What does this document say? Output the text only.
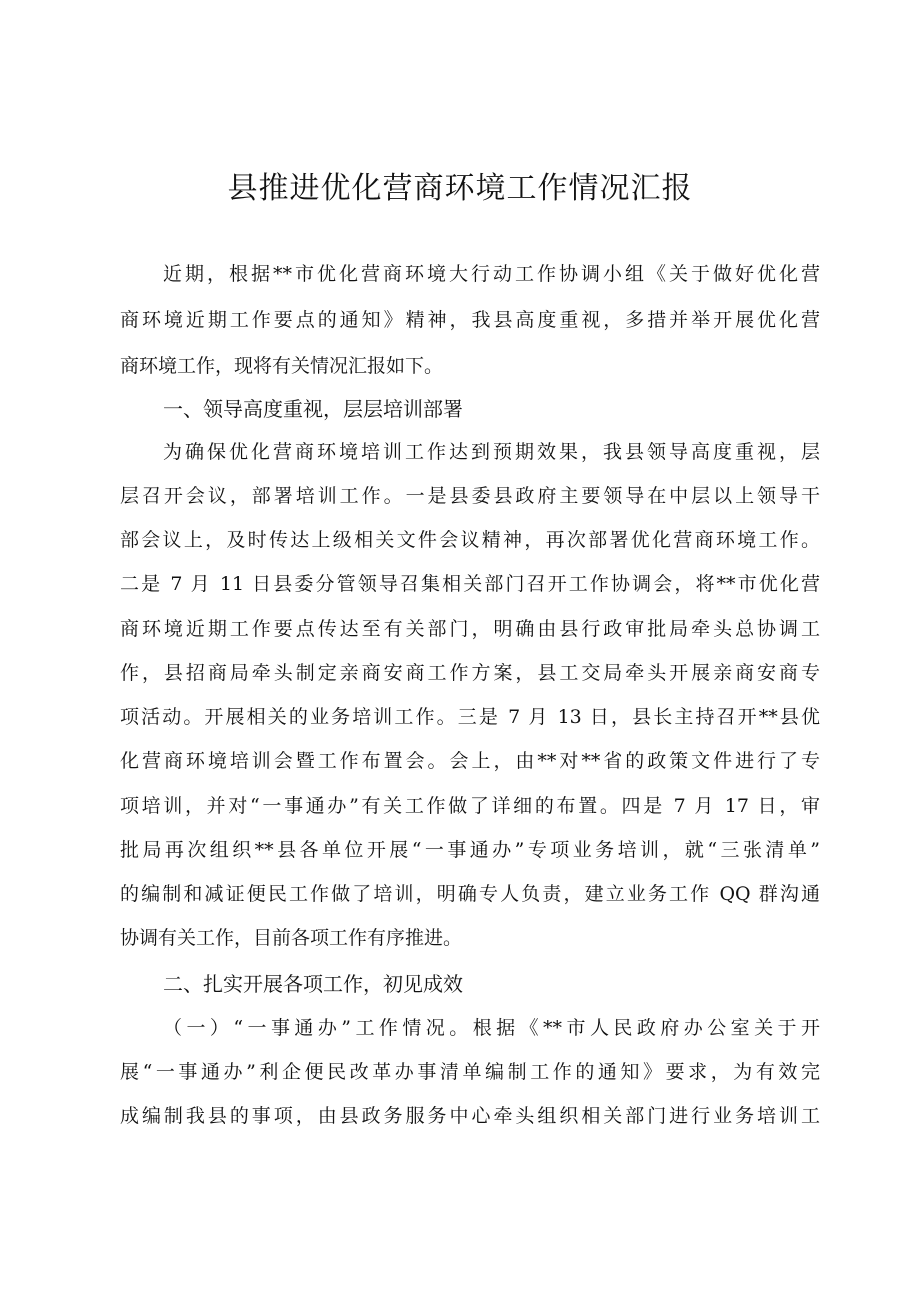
县推进优化营商环境工作情况汇报
近期，根据**市优化营商环境大行动工作协调小组《关于做好优化营
商环境近期工作要点的通知》精神，我县高度重视，多措并举开展优化营
商环境工作，现将有关情况汇报如下。
一、领导高度重视，层层培训部署
为确保优化营商环境培训工作达到预期效果，我县领导高度重视，层
层召开会议，部署培训工作。一是县委县政府主要领导在中层以上领导干
部会议上，及时传达上级相关文件会议精神，再次部署优化营商环境工作。
二是 7 月 11 日县委分管领导召集相关部门召开工作协调会，将**市优化营
商环境近期工作要点传达至有关部门，明确由县行政审批局牵头总协调工
作，县招商局牵头制定亲商安商工作方案，县工交局牵头开展亲商安商专
项活动。开展相关的业务培训工作。三是 7 月 13 日，县长主持召开**县优
化营商环境培训会暨工作布置会。会上，由**对**省的政策文件进行了专
项培训，并对“一事通办”有关工作做了详细的布置。四是 7 月 17 日，审
批局再次组织**县各单位开展“一事通办”专项业务培训，就“三张清单”
的编制和减证便民工作做了培训，明确专人负责，建立业务工作 QQ 群沟通
协调有关工作，目前各项工作有序推进。
二、扎实开展各项工作，初见成效
（一）“一事通办”工作情况。根据《**市人民政府办公室关于开
展“一事通办”利企便民改革办事清单编制工作的通知》要求，为有效完
成编制我县的事项，由县政务服务中心牵头组织相关部门进行业务培训工
